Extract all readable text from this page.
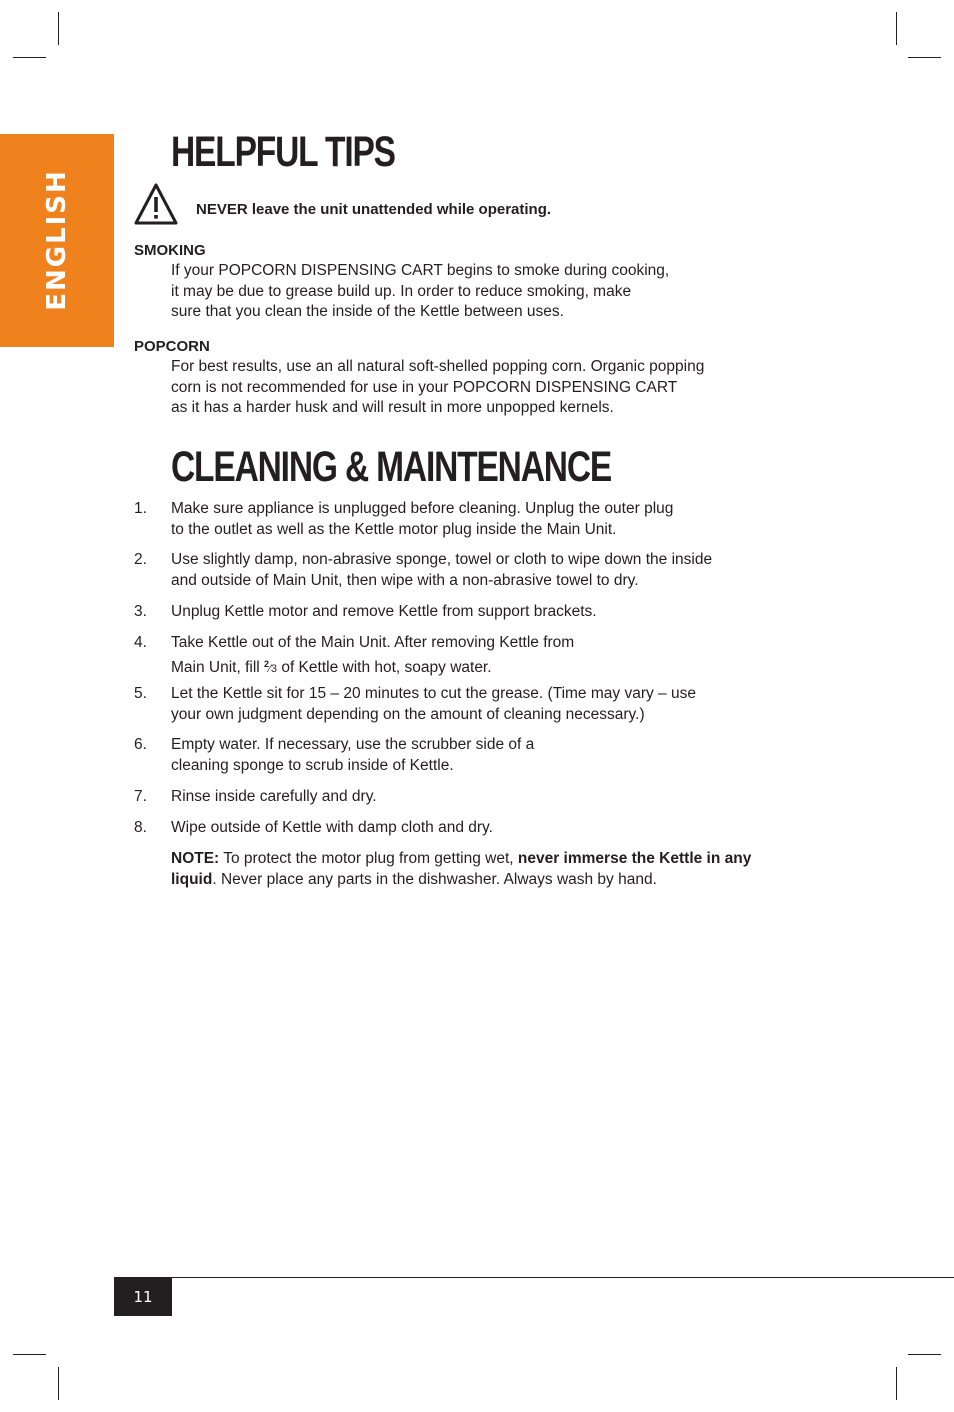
ENGLISH
HELPFUL TIPS
NEVER leave the unit unattended while operating.
SMOKING
If your POPCORN DISPENSING CART begins to smoke during cooking,
it may be due to grease build up. In order to reduce smoking, make
sure that you clean the inside of the Kettle between uses.
POPCORN
For best results, use an all natural soft-shelled popping corn. Organic popping
corn is not recommended for use in your POPCORN DISPENSING CART
as it has a harder husk and will result in more unpopped kernels.
CLEANING & MAINTENANCE
1. Make sure appliance is unplugged before cleaning. Unplug the outer plug
to the outlet as well as the Kettle motor plug inside the Main Unit.
2. Use slightly damp, non-abrasive sponge, towel or cloth to wipe down the inside
and outside of Main Unit, then wipe with a non-abrasive towel to dry.
3. Unplug Kettle motor and remove Kettle from support brackets.
4. Take Kettle out of the Main Unit. After removing Kettle from
Main Unit, fill $^2$⁄3 of Kettle with hot, soapy water.
5. Let the Kettle sit for 15 – 20 minutes to cut the grease. (Time may vary – use
your own judgment depending on the amount of cleaning necessary.)
6. Empty water. If necessary, use the scrubber side of a
cleaning sponge to scrub inside of Kettle.
7. Rinse inside carefully and dry.
8. Wipe outside of Kettle with damp cloth and dry.
NOTE: To protect the motor plug from getting wet, never immerse the Kettle in any liquid. Never place any parts in the dishwasher. Always wash by hand.
11
